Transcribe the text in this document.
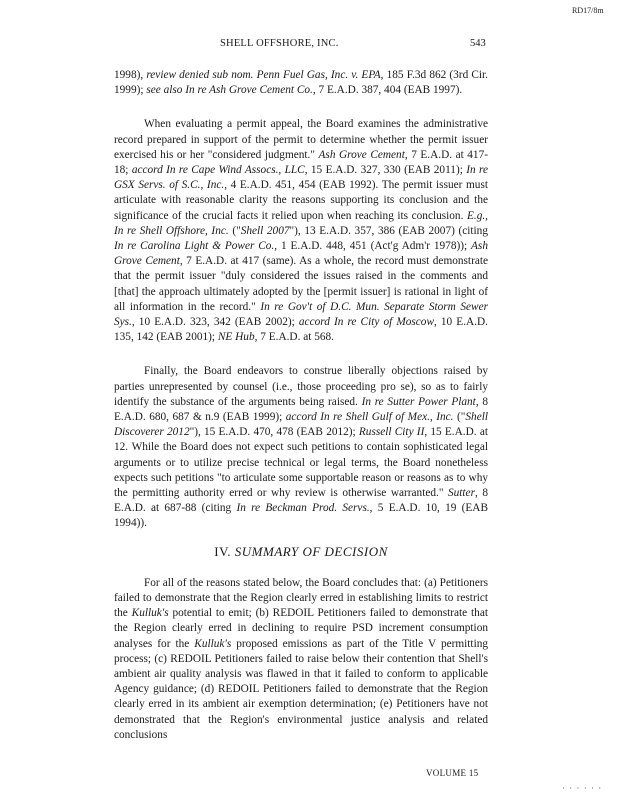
RD17/8m
SHELL OFFSHORE, INC.	543

1998), review denied sub nom. Penn Fuel Gas, Inc. v. EPA, 185 F.3d 862 (3rd Cir. 1999); see also In re Ash Grove Cement Co., 7 E.A.D. 387, 404 (EAB 1997).

When evaluating a permit appeal, the Board examines the administrative record prepared in support of the permit to determine whether the permit issuer exercised his or her "considered judgment." Ash Grove Cement, 7 E.A.D. at 417-18; accord In re Cape Wind Assocs., LLC, 15 E.A.D. 327, 330 (EAB 2011); In re GSX Servs. of S.C., Inc., 4 E.A.D. 451, 454 (EAB 1992). The permit issuer must articulate with reasonable clarity the reasons supporting its conclusion and the significance of the crucial facts it relied upon when reaching its conclusion. E.g., In re Shell Offshore, Inc. ("Shell 2007"), 13 E.A.D. 357, 386 (EAB 2007) (citing In re Carolina Light & Power Co., 1 E.A.D. 448, 451 (Act'g Adm'r 1978)); Ash Grove Cement, 7 E.A.D. at 417 (same). As a whole, the record must demonstrate that the permit issuer "duly considered the issues raised in the comments and [that] the approach ultimately adopted by the [permit issuer] is rational in light of all information in the record." In re Gov't of D.C. Mun. Separate Storm Sewer Sys., 10 E.A.D. 323, 342 (EAB 2002); accord In re City of Moscow, 10 E.A.D. 135, 142 (EAB 2001); NE Hub, 7 E.A.D. at 568.

Finally, the Board endeavors to construe liberally objections raised by parties unrepresented by counsel (i.e., those proceeding pro se), so as to fairly identify the substance of the arguments being raised. In re Sutter Power Plant, 8 E.A.D. 680, 687 & n.9 (EAB 1999); accord In re Shell Gulf of Mex., Inc. ("Shell Discoverer 2012"), 15 E.A.D. 470, 478 (EAB 2012); Russell City II, 15 E.A.D. at 12. While the Board does not expect such petitions to contain sophisticated legal arguments or to utilize precise technical or legal terms, the Board nonetheless expects such petitions "to articulate some supportable reason or reasons as to why the permitting authority erred or why review is otherwise warranted." Sutter, 8 E.A.D. at 687-88 (citing In re Beckman Prod. Servs., 5 E.A.D. 10, 19 (EAB 1994)).

IV. SUMMARY OF DECISION

For all of the reasons stated below, the Board concludes that: (a) Petitioners failed to demonstrate that the Region clearly erred in establishing limits to restrict the Kulluk's potential to emit; (b) REDOIL Petitioners failed to demonstrate that the Region clearly erred in declining to require PSD increment consumption analyses for the Kulluk's proposed emissions as part of the Title V permitting process; (c) REDOIL Petitioners failed to raise below their contention that Shell's ambient air quality analysis was flawed in that it failed to conform to applicable Agency guidance; (d) REDOIL Petitioners failed to demonstrate that the Region clearly erred in its ambient air exemption determination; (e) Petitioners have not demonstrated that the Region's environmental justice analysis and related conclusions

VOLUME 15
· · · · · ·
